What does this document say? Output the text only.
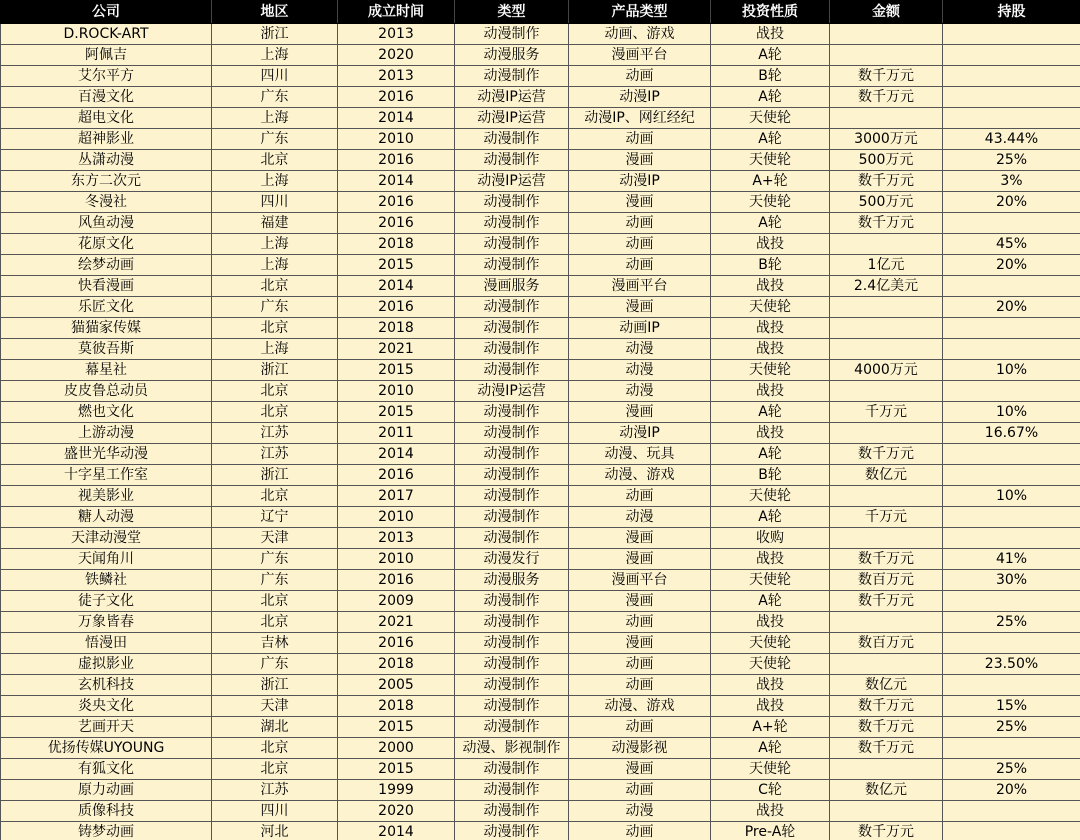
公司	地区	成立时间	类型	产品类型	投资性质	金额	持股
D.ROCK-ART	浙江	2013	动漫制作	动画、游戏	战投		
阿佩吉	上海	2020	动漫服务	漫画平台	A轮		
艾尔平方	四川	2013	动漫制作	动画	B轮	数千万元	
百漫文化	广东	2016	动漫IP运营	动漫IP	A轮	数千万元	
超电文化	上海	2014	动漫IP运营	动漫IP、网红经纪	天使轮		
超神影业	广东	2010	动漫制作	动画	A轮	3000万元	43.44%
丛潇动漫	北京	2016	动漫制作	漫画	天使轮	500万元	25%
东方二次元	上海	2014	动漫IP运营	动漫IP	A+轮	数千万元	3%
冬漫社	四川	2016	动漫制作	漫画	天使轮	500万元	20%
风鱼动漫	福建	2016	动漫制作	动画	A轮	数千万元	
花原文化	上海	2018	动漫制作	动画	战投		45%
绘梦动画	上海	2015	动漫制作	动画	B轮	1亿元	20%
快看漫画	北京	2014	漫画服务	漫画平台	战投	2.4亿美元	
乐匠文化	广东	2016	动漫制作	漫画	天使轮		20%
猫猫家传媒	北京	2018	动漫制作	动画IP	战投		
莫彼吾斯	上海	2021	动漫制作	动漫	战投		
幕星社	浙江	2015	动漫制作	动漫	天使轮	4000万元	10%
皮皮鲁总动员	北京	2010	动漫IP运营	动漫	战投		
燃也文化	北京	2015	动漫制作	漫画	A轮	千万元	10%
上游动漫	江苏	2011	动漫制作	动漫IP	战投		16.67%
盛世光华动漫	江苏	2014	动漫制作	动漫、玩具	A轮	数千万元	
十字星工作室	浙江	2016	动漫制作	动漫、游戏	B轮	数亿元	
视美影业	北京	2017	动漫制作	动画	天使轮		10%
糖人动漫	辽宁	2010	动漫制作	动漫	A轮	千万元	
天津动漫堂	天津	2013	动漫制作	漫画	收购		
天闻角川	广东	2010	动漫发行	漫画	战投	数千万元	41%
铁鳞社	广东	2016	动漫服务	漫画平台	天使轮	数百万元	30%
徒子文化	北京	2009	动漫制作	漫画	A轮	数千万元	
万象皆春	北京	2021	动漫制作	动画	战投		25%
悟漫田	吉林	2016	动漫制作	漫画	天使轮	数百万元	
虚拟影业	广东	2018	动漫制作	动画	天使轮		23.50%
玄机科技	浙江	2005	动漫制作	动画	战投	数亿元	
炎央文化	天津	2018	动漫制作	动漫、游戏	战投	数千万元	15%
艺画开天	湖北	2015	动漫制作	动画	A+轮	数千万元	25%
优扬传媒UYOUNG	北京	2000	动漫、影视制作	动漫影视	A轮	数千万元	
有狐文化	北京	2015	动漫制作	漫画	天使轮		25%
原力动画	江苏	1999	动漫制作	动画	C轮	数亿元	20%
质像科技	四川	2020	动漫制作	动漫	战投		
铸梦动画	河北	2014	动漫制作	动画	Pre-A轮	数千万元	
